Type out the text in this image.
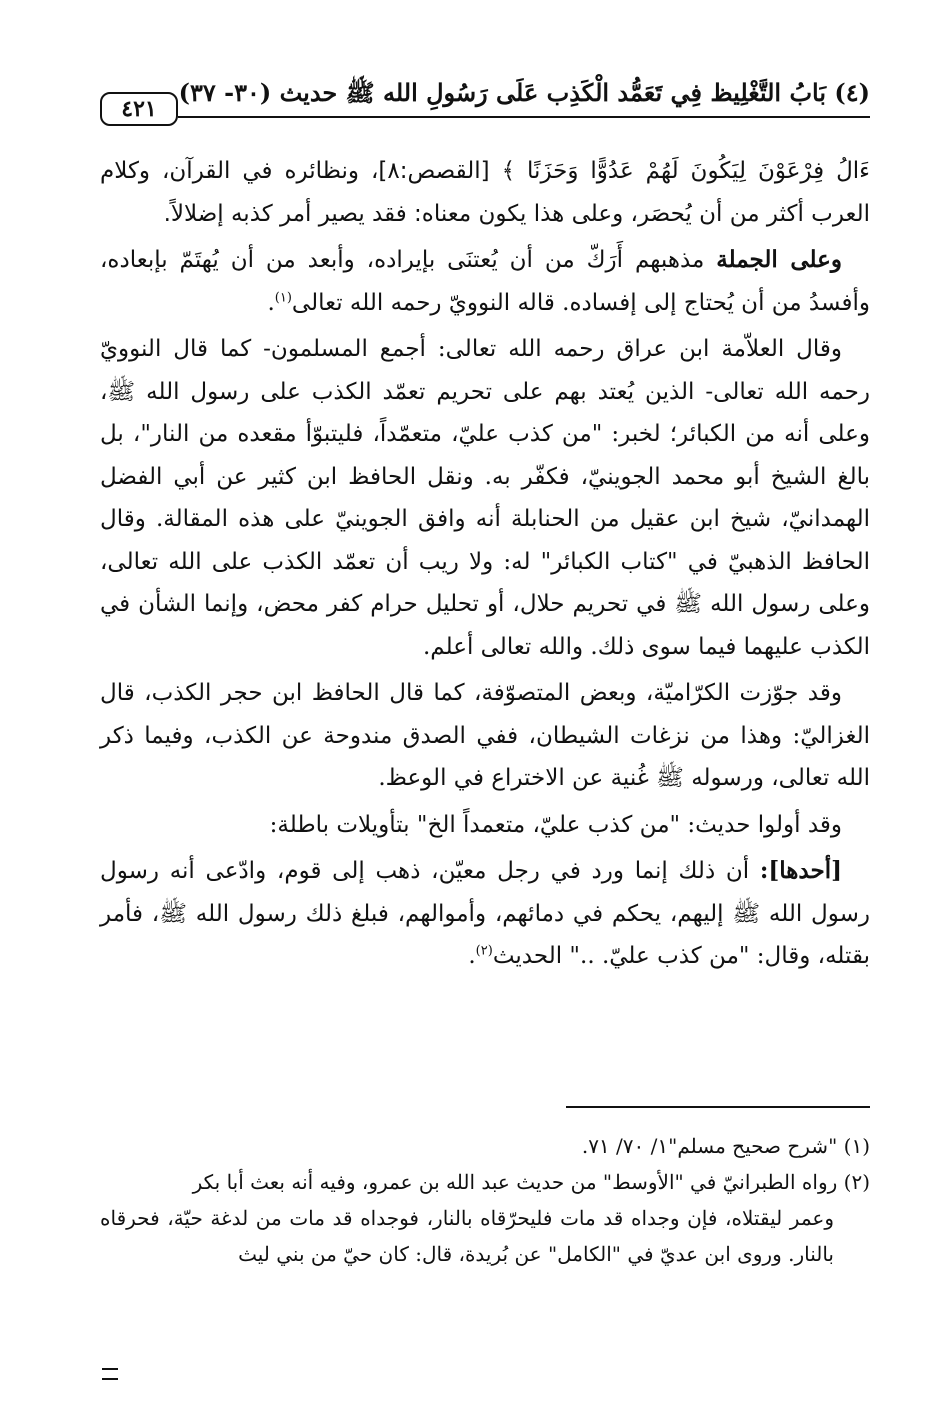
(٤) بَابُ التَّغْلِيظ فِي تَعَمُّد الْكَذِب عَلَى رَسُولِ الله ﷺ حديث (٣٠- ٣٧)
٤٢١

ءَالُ فِرْعَوْنَ لِيَكُونَ لَهُمْ عَدُوًّا وَحَزَنًا ﴾ [القصص:٨]، ونظائره في القرآن، وكلام العرب أكثر من أن يُحصَر، وعلى هذا يكون معناه: فقد يصير أمر كذبه إضلالاً.

وعلى الجملة مذهبهم أَرَكّ من أن يُعتنَى بإيراده، وأبعد من أن يُهتَمّ بإبعاده، وأفسدُ من أن يُحتاج إلى إفساده. قاله النوويّ رحمه الله تعالى$^{(١)}$.

وقال العلاّمة ابن عراق رحمه الله تعالى: أجمع المسلمون- كما قال النوويّ رحمه الله تعالى- الذين يُعتد بهم على تحريم تعمّد الكذب على رسول الله ﷺ، وعلى أنه من الكبائر؛ لخبر: "من كذب عليّ، متعمّداً، فليتبوّأ مقعده من النار"، بل بالغ الشيخ أبو محمد الجوينيّ، فكفّر به. ونقل الحافظ ابن كثير عن أبي الفضل الهمدانيّ، شيخ ابن عقيل من الحنابلة أنه وافق الجوينيّ على هذه المقالة. وقال الحافظ الذهبيّ في "كتاب الكبائر" له: ولا ريب أن تعمّد الكذب على الله تعالى، وعلى رسول الله ﷺ في تحريم حلال، أو تحليل حرام كفر محض، وإنما الشأن في الكذب عليهما فيما سوى ذلك. والله تعالى أعلم.

وقد جوّزت الكرّاميّة، وبعض المتصوّفة، كما قال الحافظ ابن حجر الكذب، قال الغزاليّ: وهذا من نزغات الشيطان، ففي الصدق مندوحة عن الكذب، وفيما ذكر الله تعالى، ورسوله ﷺ غُنية عن الاختراع في الوعظ.

وقد أولوا حديث: "من كذب عليّ، متعمداً الخ" بتأويلات باطلة:

[أحدها]: أن ذلك إنما ورد في رجل معيّن، ذهب إلى قوم، وادّعى أنه رسول رسول الله ﷺ إليهم، يحكم في دمائهم، وأموالهم، فبلغ ذلك رسول الله ﷺ، فأمر بقتله، وقال: "من كذب عليّ. .." الحديث$^{(٢)}$.

(١) "شرح صحيح مسلم"١/ ٧٠/ ٧١.

(٢) رواه الطبرانيّ في "الأوسط" من حديث عبد الله بن عمرو، وفيه أنه بعث أبا بكر

وعمر ليقتلاه، فإن وجداه قد مات فليحرّقاه بالنار، فوجداه قد مات من لدغة حيّة، فحرقاه بالنار. وروى ابن عديّ في "الكامل" عن بُريدة، قال: كان حيّ من بني ليث
